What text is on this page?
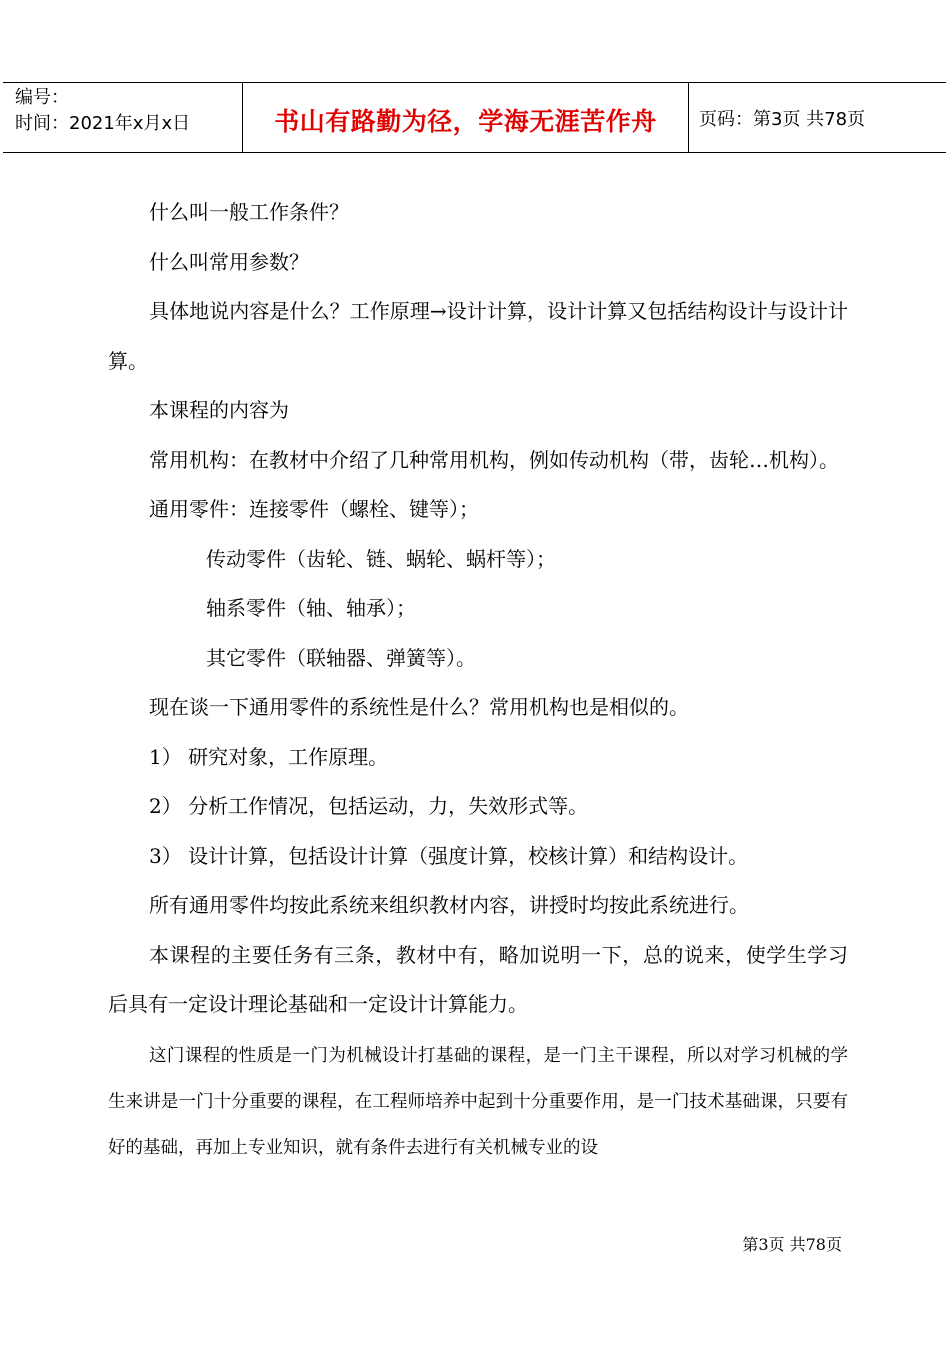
编号：
时间：2021年x月x日	书山有路勤为径，学海无涯苦作舟	页码：第3页 共78页

什么叫一般工作条件？

什么叫常用参数？

具体地说内容是什么？工作原理→设计计算，设计计算又包括结构设计与设计计算。

本课程的内容为

常用机构：在教材中介绍了几种常用机构，例如传动机构（带，齿轮…机构）。

通用零件：连接零件（螺栓、键等）；

传动零件（齿轮、链、蜗轮、蜗杆等）；

轴系零件（轴、轴承）；

其它零件（联轴器、弹簧等）。

现在谈一下通用零件的系统性是什么？常用机构也是相似的。

1） 研究对象，工作原理。

2） 分析工作情况，包括运动，力，失效形式等。

3） 设计计算，包括设计计算（强度计算，校核计算）和结构设计。

所有通用零件均按此系统来组织教材内容，讲授时均按此系统进行。

本课程的主要任务有三条，教材中有，略加说明一下，总的说来，使学生学习后具有一定设计理论基础和一定设计计算能力。

这门课程的性质是一门为机械设计打基础的课程，是一门主干课程，所以对学习机械的学生来讲是一门十分重要的课程，在工程师培养中起到十分重要作用，是一门技术基础课，只要有好的基础，再加上专业知识，就有条件去进行有关机械专业的设

第3页 共78页
